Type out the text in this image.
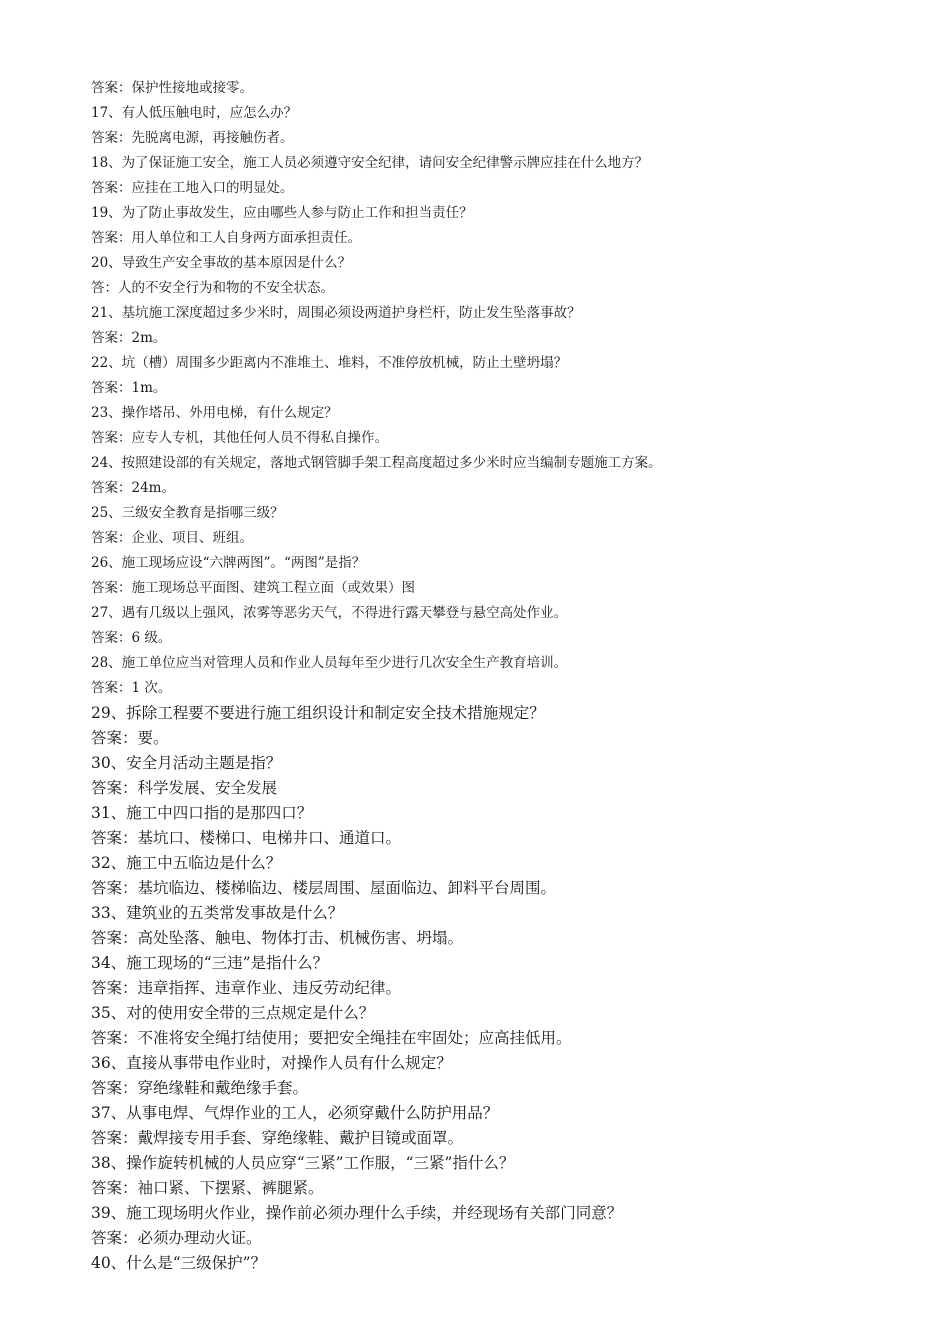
答案：保护性接地或接零。
17、有人低压触电时，应怎么办？
答案：先脱离电源，再接触伤者。
18、为了保证施工安全，施工人员必须遵守安全纪律，请问安全纪律警示牌应挂在什么地方？
答案：应挂在工地入口的明显处。
19、为了防止事故发生，应由哪些人参与防止工作和担当责任？
答案：用人单位和工人自身两方面承担责任。
20、导致生产安全事故的基本原因是什么？
答：人的不安全行为和物的不安全状态。
21、基坑施工深度超过多少米时，周围必须设两道护身栏杆，防止发生坠落事故？
答案：2m。
22、坑（槽）周围多少距离内不准堆土、堆料，不准停放机械，防止土壁坍塌？
答案：1m。
23、操作塔吊、外用电梯，有什么规定？
答案：应专人专机，其他任何人员不得私自操作。
24、按照建设部的有关规定，落地式钢管脚手架工程高度超过多少米时应当编制专题施工方案。
答案：24m。
25、三级安全教育是指哪三级？
答案：企业、项目、班组。
26、施工现场应设“六牌两图”。“两图”是指？
答案：施工现场总平面图、建筑工程立面（或效果）图
27、遇有几级以上强风，浓雾等恶劣天气，不得进行露天攀登与悬空高处作业。
答案：6 级。
28、施工单位应当对管理人员和作业人员每年至少进行几次安全生产教育培训。
答案：1 次。
29、拆除工程要不要进行施工组织设计和制定安全技术措施规定？
答案：要。
30、安全月活动主题是指？
答案：科学发展、安全发展
31、施工中四口指的是那四口？
答案：基坑口、楼梯口、电梯井口、通道口。
32、施工中五临边是什么？
答案：基坑临边、楼梯临边、楼层周围、屋面临边、卸料平台周围。
33、建筑业的五类常发事故是什么？
答案：高处坠落、触电、物体打击、机械伤害、坍塌。
34、施工现场的“三违”是指什么？
答案：违章指挥、违章作业、违反劳动纪律。
35、对的使用安全带的三点规定是什么？
答案：不准将安全绳打结使用；要把安全绳挂在牢固处；应高挂低用。
36、直接从事带电作业时，对操作人员有什么规定？
答案：穿绝缘鞋和戴绝缘手套。
37、从事电焊、气焊作业的工人，必须穿戴什么防护用品？
答案：戴焊接专用手套、穿绝缘鞋、戴护目镜或面罩。
38、操作旋转机械的人员应穿“三紧”工作服，“三紧”指什么？
答案：袖口紧、下摆紧、裤腿紧。
39、施工现场明火作业，操作前必须办理什么手续，并经现场有关部门同意？
答案：必须办理动火证。
40、什么是“三级保护”？
